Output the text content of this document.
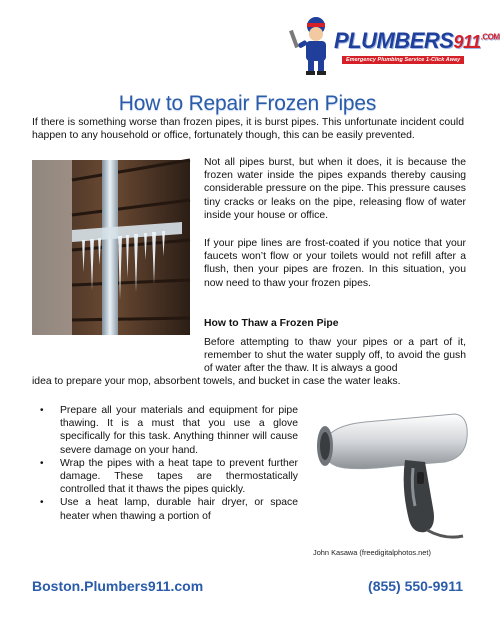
$PLUMBERS911^{.COM}$
Emergency Plumbing Service 1-Click Away
How to Repair Frozen Pipes

If there is something worse than frozen pipes, it is burst pipes. This unfortunate incident could happen to any household or office, fortunately though, this can be easily prevented.

Not all pipes burst, but when it does, it is because the frozen water inside the pipes expands thereby causing considerable pressure on the pipe. This pressure causes tiny cracks or leaks on the pipe, releasing flow of water inside your house or office.

If your pipe lines are frost-coated if you notice that your faucets won’t flow or your toilets would not refill after a flush, then your pipes are frozen. In this situation, you now need to thaw your frozen pipes.

How to Thaw a Frozen Pipe

Before attempting to thaw your pipes or a part of it, remember to shut the water supply off, to avoid the gush of water after the thaw. It is always a good

idea to prepare your mop, absorbent towels, and bucket in case the water leaks.

• Prepare all your materials and equipment for pipe thawing. It is a must that you use a glove specifically for this task. Anything thinner will cause severe damage on your hand.
• Wrap the pipes with a heat tape to prevent further damage. These tapes are thermostatically controlled that it thaws the pipes quickly.
• Use a heat lamp, durable hair dryer, or space heater when thawing a portion of
John Kasawa (freedigitalphotos.net)
Boston.Plumbers911.com	(855) 550-9911
